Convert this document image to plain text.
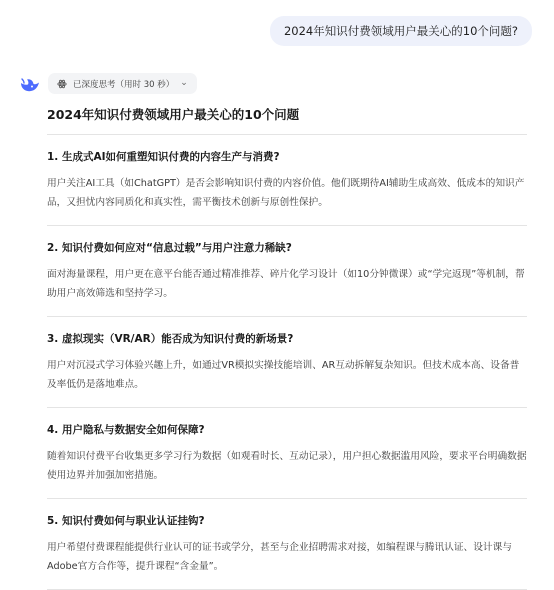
2024年知识付费领域用户最关心的10个问题?
已深度思考（用时 30 秒） ⌄
2024年知识付费领域用户最关心的10个问题
1. 生成式AI如何重塑知识付费的内容生产与消费?
用户关注AI工具（如ChatGPT）是否会影响知识付费的内容价值。他们既期待AI辅助生成高效、低成本的知识产品，又担忧内容同质化和真实性，需平衡技术创新与原创性保护。
2. 知识付费如何应对“信息过载”与用户注意力稀缺?
面对海量课程，用户更在意平台能否通过精准推荐、碎片化学习设计（如10分钟微课）或“学完返现”等机制，帮助用户高效筛选和坚持学习。
3. 虚拟现实（VR/AR）能否成为知识付费的新场景?
用户对沉浸式学习体验兴趣上升，如通过VR模拟实操技能培训、AR互动拆解复杂知识。但技术成本高、设备普及率低仍是落地难点。
4. 用户隐私与数据安全如何保障?
随着知识付费平台收集更多学习行为数据（如观看时长、互动记录），用户担心数据滥用风险，要求平台明确数据使用边界并加强加密措施。
5. 知识付费如何与职业认证挂钩?
用户希望付费课程能提供行业认可的证书或学分，甚至与企业招聘需求对接，如编程课与腾讯认证、设计课与Adobe官方合作等，提升课程“含金量”。
